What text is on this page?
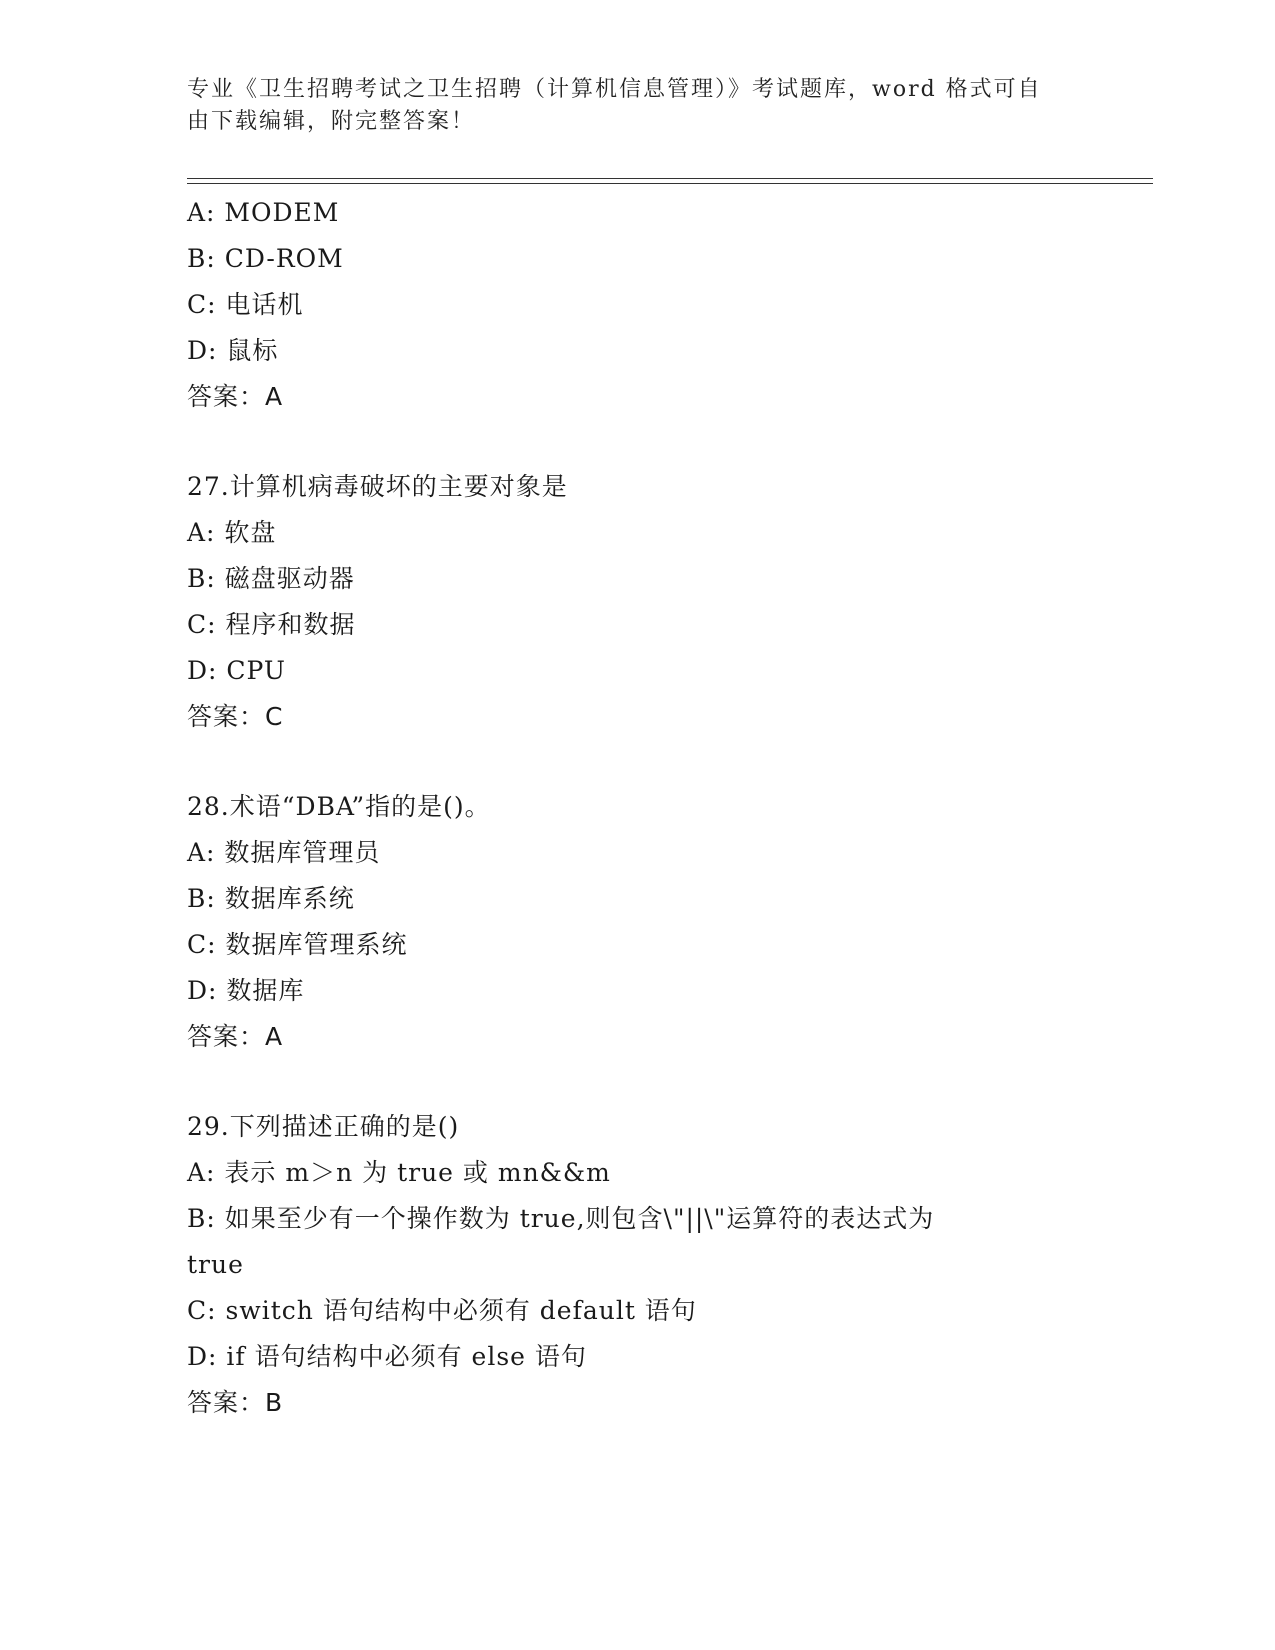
专业《卫生招聘考试之卫生招聘（计算机信息管理）》考试题库，word 格式可自
由下载编辑，附完整答案！
A: MODEM
B: CD-ROM
C: 电话机
D: 鼠标
答案：A
27.计算机病毒破坏的主要对象是
A: 软盘
B: 磁盘驱动器
C: 程序和数据
D: CPU
答案：C
28.术语“DBA”指的是()。
A: 数据库管理员
B: 数据库系统
C: 数据库管理系统
D: 数据库
答案：A
29.下列描述正确的是()
A: 表示 m＞n 为 true 或 mn&&m
B: 如果至少有一个操作数为 true,则包含\"||\"运算符的表达式为
true
C: switch 语句结构中必须有 default 语句
D: if 语句结构中必须有 else 语句
答案：B
